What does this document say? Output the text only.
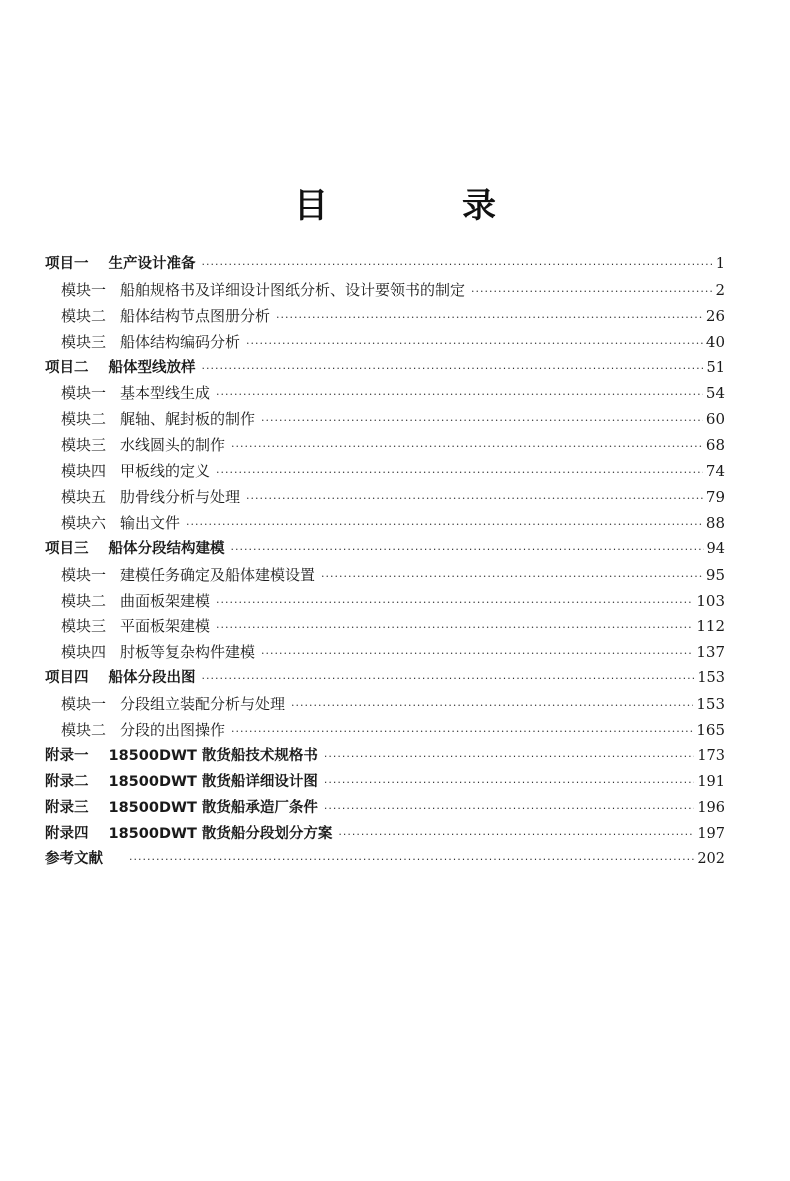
目　录
项目一 生产设计准备 ·····	1
模块一 船舶规格书及详细设计图纸分析、设计要领书的制定 ·····	2
模块二 船体结构节点图册分析 ·····	26
模块三 船体结构编码分析 ·····	40
项目二 船体型线放样 ·····	51
模块一 基本型线生成 ·····	54
模块二 艉轴、艉封板的制作 ·····	60
模块三 水线圆头的制作 ·····	68
模块四 甲板线的定义 ·····	74
模块五 肋骨线分析与处理 ·····	79
模块六 输出文件 ·····	88
项目三 船体分段结构建模 ·····	94
模块一 建模任务确定及船体建模设置 ·····	95
模块二 曲面板架建模 ·····	103
模块三 平面板架建模 ·····	112
模块四 肘板等复杂构件建模 ·····	137
项目四 船体分段出图 ·····	153
模块一 分段组立装配分析与处理 ·····	153
模块二 分段的出图操作 ·····	165
附录一 18500DWT 散货船技术规格书 ·····	173
附录二 18500DWT 散货船详细设计图 ·····	191
附录三 18500DWT 散货船承造厂条件 ·····	196
附录四 18500DWT 散货船分段划分方案 ·····	197
参考文献 ·····	202
